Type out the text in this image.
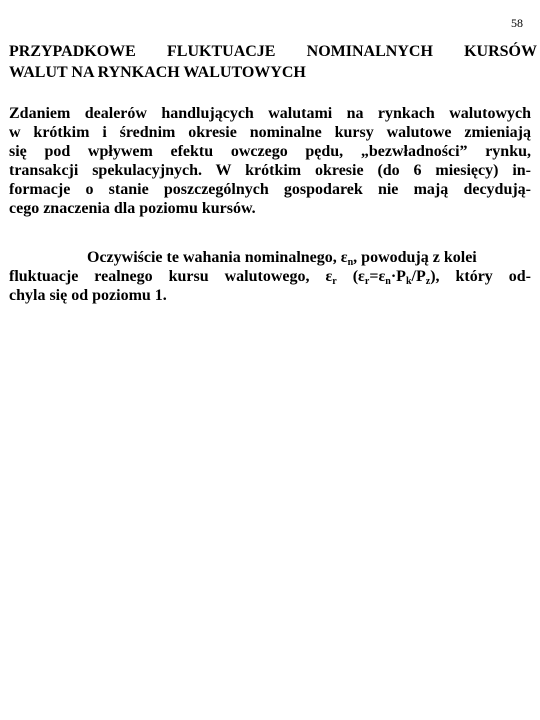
58
PRZYPADKOWE FLUKTUACJE NOMINALNYCH KURSÓW
WALUT NA RYNKACH WALUTOWYCH

Zdaniem dealerów handlujących walutami na rynkach walutowych
w krótkim i średnim okresie nominalne kursy walutowe zmieniają
się pod wpływem efektu owczego pędu, „bezwładności” rynku,
transakcji spekulacyjnych. W krótkim okresie (do 6 miesięcy) in-
formacje o stanie poszczególnych gospodarek nie mają decydują-
cego znaczenia dla poziomu kursów.

Oczywiście te wahania nominalnego, $\varepsilon_n$, powodują z kolei
fluktuacje realnego kursu walutowego, $\varepsilon_r$ $(\varepsilon_r=\varepsilon_n\cdot P_k/P_z)$, który od-
chyla się od poziomu 1.
